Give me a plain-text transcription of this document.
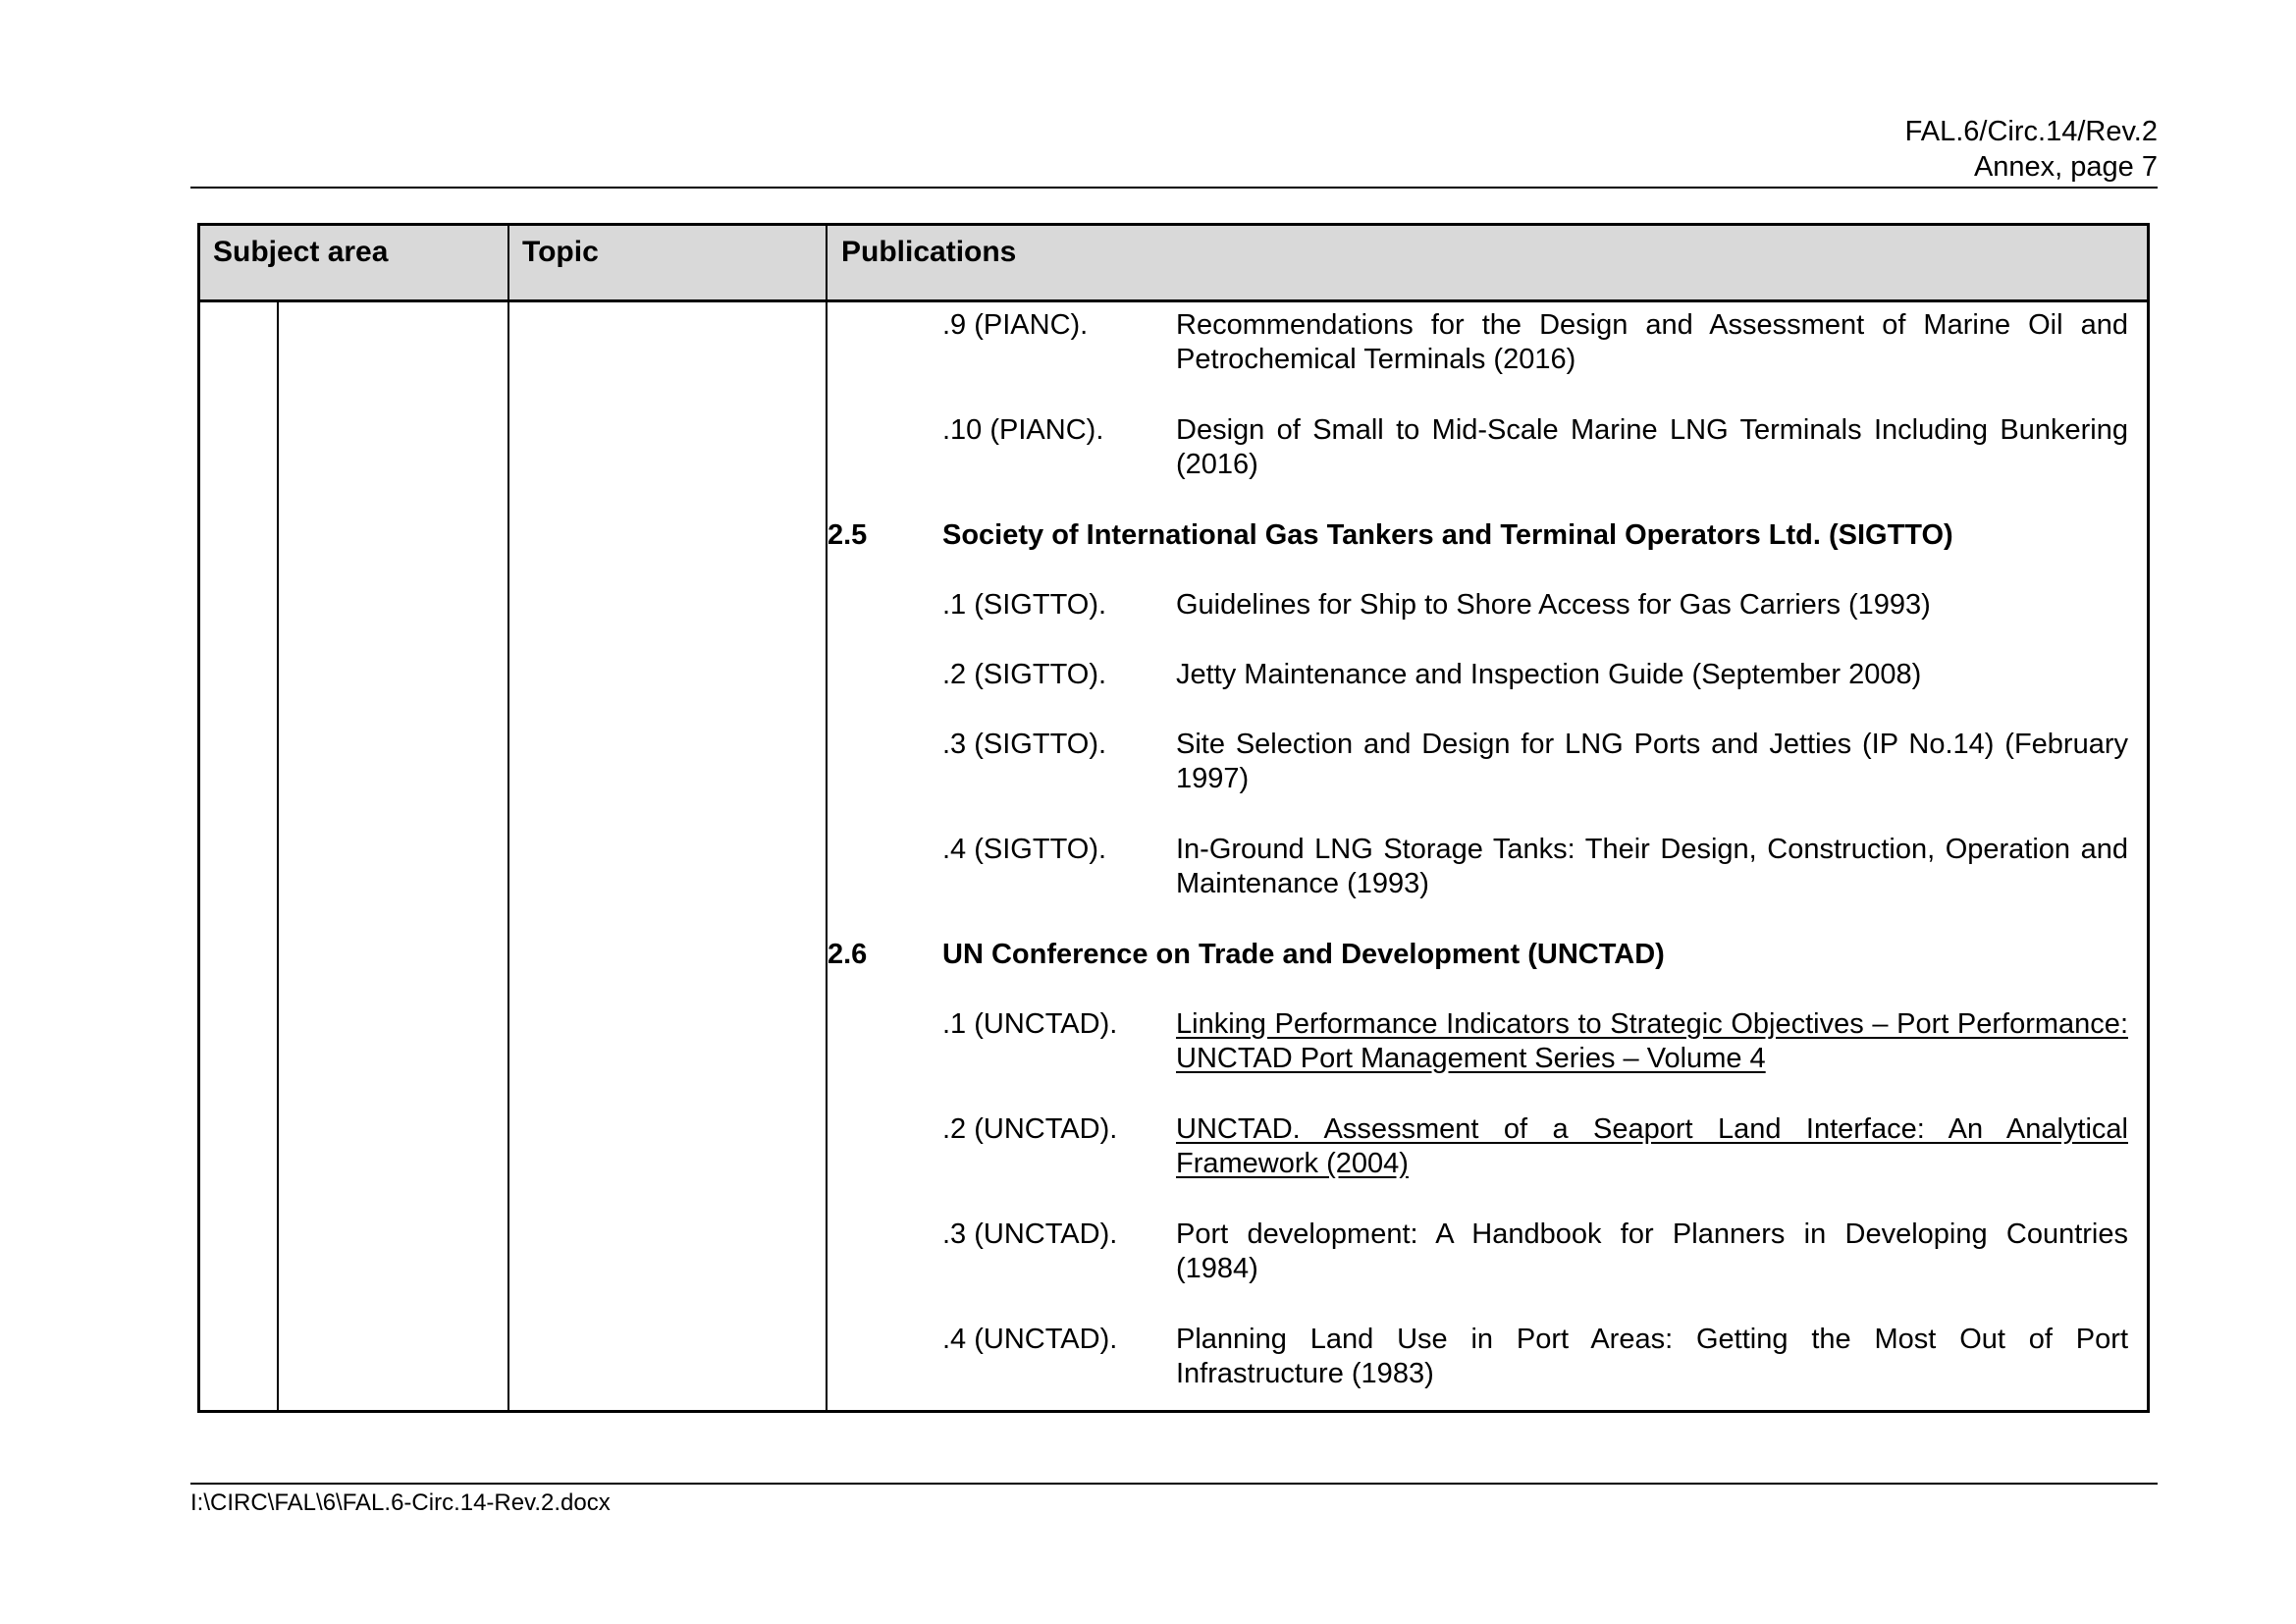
FAL.6/Circ.14/Rev.2
Annex, page 7
Subject area	Topic	Publications
.9 (PIANC).	Recommendations for the Design and Assessment of Marine Oil and Petrochemical Terminals (2016)
.10 (PIANC).	Design of Small to Mid-Scale Marine LNG Terminals Including Bunkering (2016)
2.5	Society of International Gas Tankers and Terminal Operators Ltd. (SIGTTO)
.1 (SIGTTO). Guidelines for Ship to Shore Access for Gas Carriers (1993)
.2 (SIGTTO). Jetty Maintenance and Inspection Guide (September 2008)
.3 (SIGTTO). Site Selection and Design for LNG Ports and Jetties (IP No.14) (February 1997)
.4 (SIGTTO). In-Ground LNG Storage Tanks: Their Design, Construction, Operation and Maintenance (1993)
2.6	UN Conference on Trade and Development (UNCTAD)
.1 (UNCTAD). Linking Performance Indicators to Strategic Objectives – Port Performance: UNCTAD Port Management Series – Volume 4
.2 (UNCTAD). UNCTAD. Assessment of a Seaport Land Interface: An Analytical Framework (2004)
.3 (UNCTAD). Port development: A Handbook for Planners in Developing Countries (1984)
.4 (UNCTAD). Planning Land Use in Port Areas: Getting the Most Out of Port Infrastructure (1983)
I:\CIRC\FAL\6\FAL.6-Circ.14-Rev.2.docx
